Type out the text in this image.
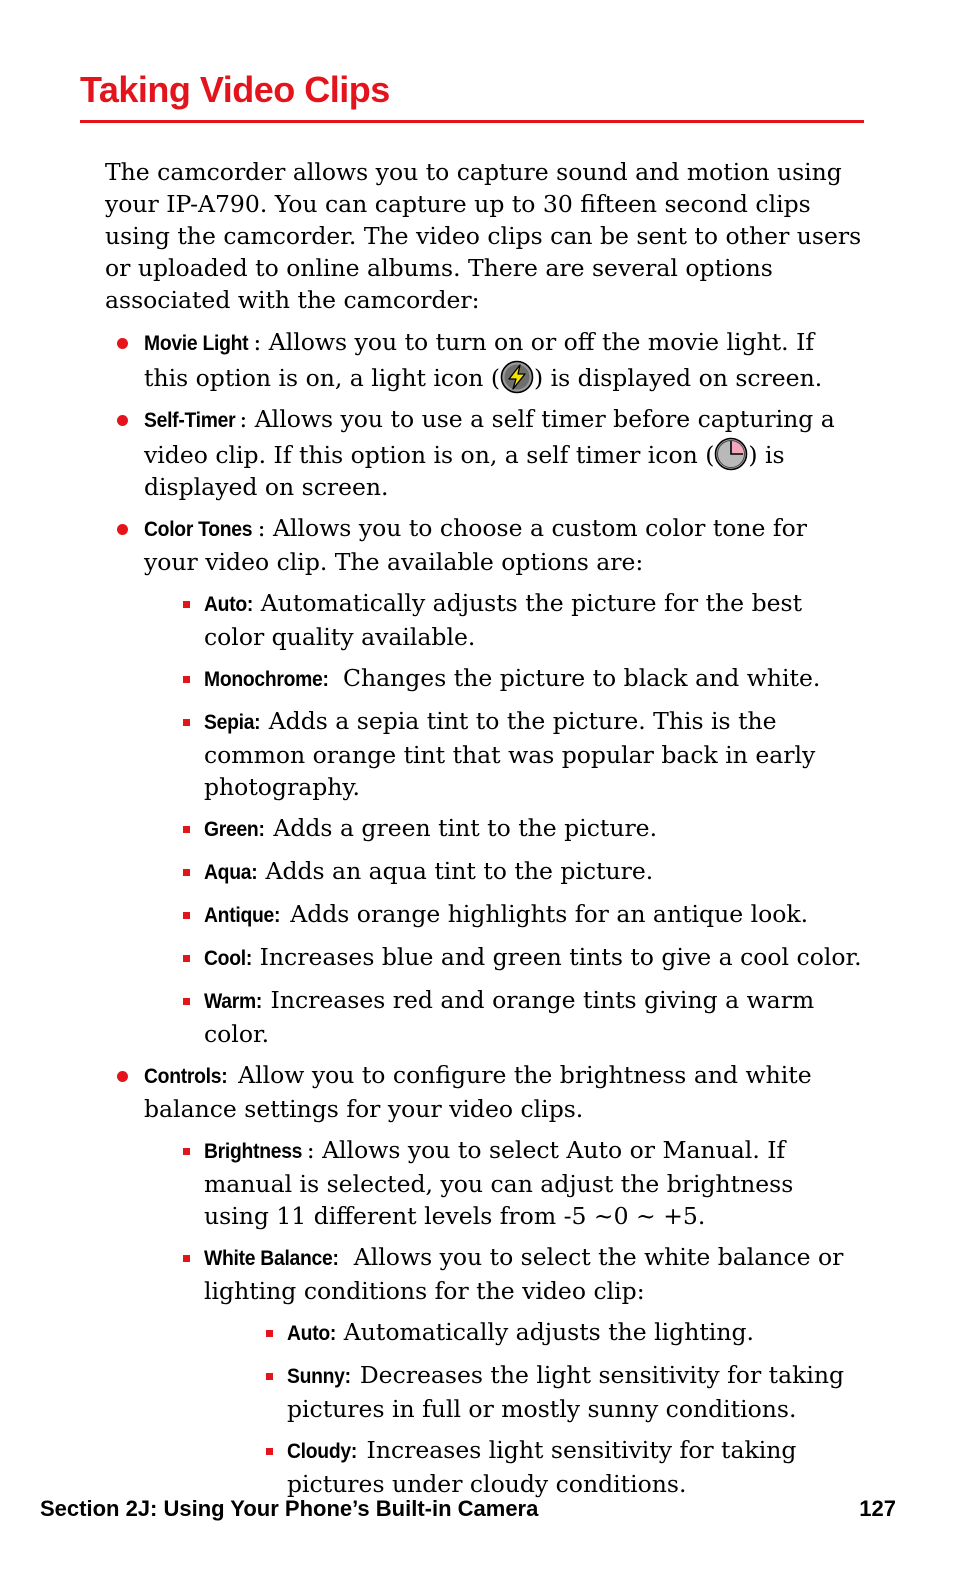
Taking Video Clips

The camcorder allows you to capture sound and motion using your IP-A790. You can capture up to 30 fifteen second clips using the camcorder. The video clips can be sent to other users or uploaded to online albums. There are several options associated with the camcorder:

Movie Light : Allows you to turn on or off the movie light. If this option is on, a light icon ( ) is displayed on screen.
Self-Timer : Allows you to use a self timer before capturing a video clip. If this option is on, a self timer icon ( ) is displayed on screen.
Color Tones : Allows you to choose a custom color tone for your video clip. The available options are:
Auto: Automatically adjusts the picture for the best color quality available.
Monochrome: Changes the picture to black and white.
Sepia: Adds a sepia tint to the picture. This is the common orange tint that was popular back in early photography.
Green: Adds a green tint to the picture.
Aqua: Adds an aqua tint to the picture.
Antique: Adds orange highlights for an antique look.
Cool: Increases blue and green tints to give a cool color.
Warm: Increases red and orange tints giving a warm color.
Controls: Allow you to configure the brightness and white balance settings for your video clips.
Brightness : Allows you to select Auto or Manual. If manual is selected, you can adjust the brightness using 11 different levels from -5 ~0 ~ +5.
White Balance: Allows you to select the white balance or lighting conditions for the video clip:
Auto: Automatically adjusts the lighting.
Sunny: Decreases the light sensitivity for taking pictures in full or mostly sunny conditions.
Cloudy: Increases light sensitivity for taking pictures under cloudy conditions.
Section 2J: Using Your Phone’s Built-in Camera	127
